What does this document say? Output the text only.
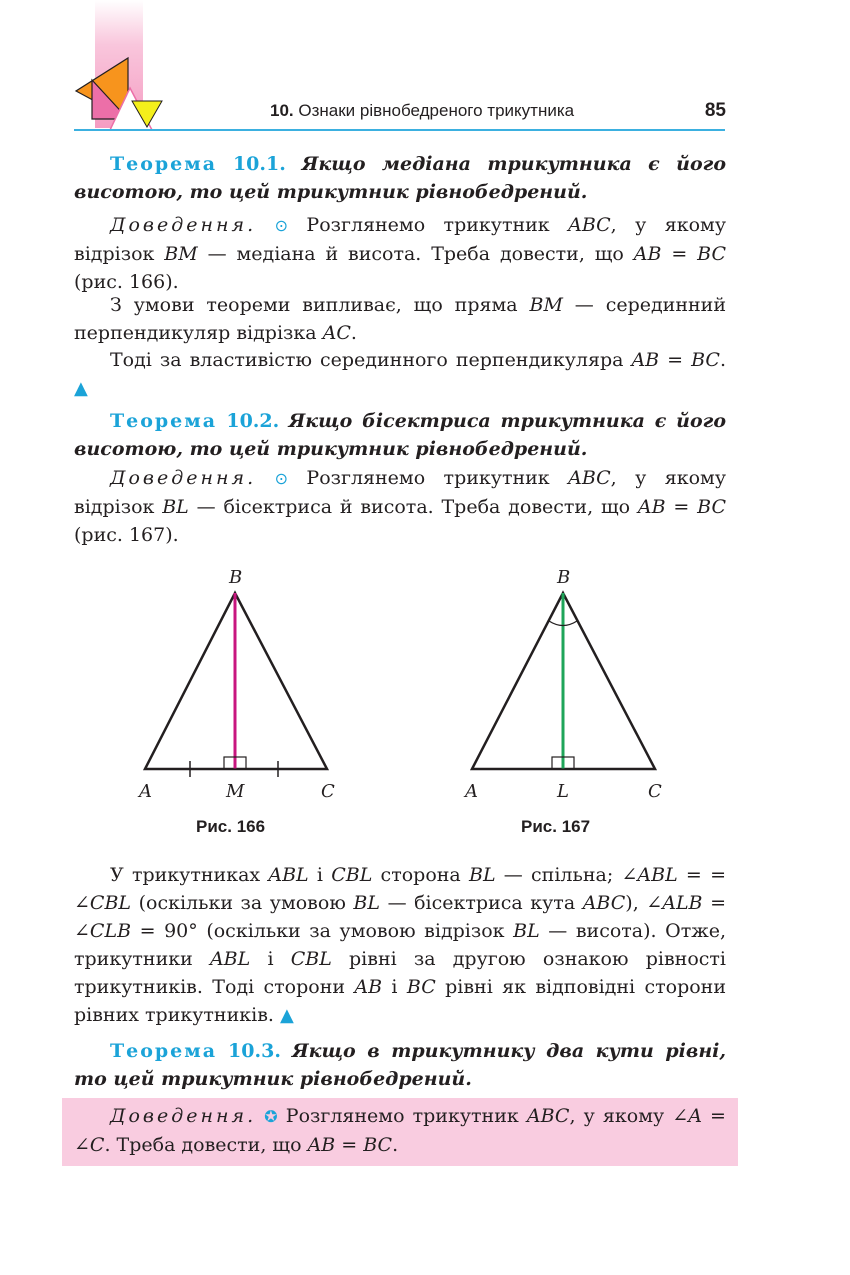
10. Ознаки рівнобедреного трикутника	85
Теорема 10.1. Якщо медіана трикутника є його висотою, то цей трикутник рівнобедрений.
Доведення. ⊙ Розглянемо трикутник ABC, у якому відрізок BM — медіана й висота. Треба довести, що AB = BC (рис. 166).
З умови теореми випливає, що пряма BM — серединний перпендикуляр відрізка AC.
Тоді за властивістю серединного перпендикуляра AB = BC. ▲
Теорема 10.2. Якщо бісектриса трикутника є його висотою, то цей трикутник рівнобедрений.
Доведення. ⊙ Розглянемо трикутник ABC, у якому відрізок BL — бісектриса й висота. Треба довести, що AB = BC (рис. 167).
B
A	M	C
Рис. 166
B
A	L	C
Рис. 167
У трикутниках ABL і CBL сторона BL — спільна; ∠ABL = = ∠CBL (оскільки за умовою BL — бісектриса кута ABC), ∠ALB = ∠CLB = 90° (оскільки за умовою відрізок BL — висота). Отже, трикутники ABL і CBL рівні за другою ознакою рівності трикутників. Тоді сторони AB і BC рівні як відповідні сторони рівних трикутників. ▲
Теорема 10.3. Якщо в трикутнику два кути рівні, то цей трикутник рівнобедрений.
Доведення. ✪ Розглянемо трикутник ABC, у якому ∠A = ∠C. Треба довести, що AB = BC.
